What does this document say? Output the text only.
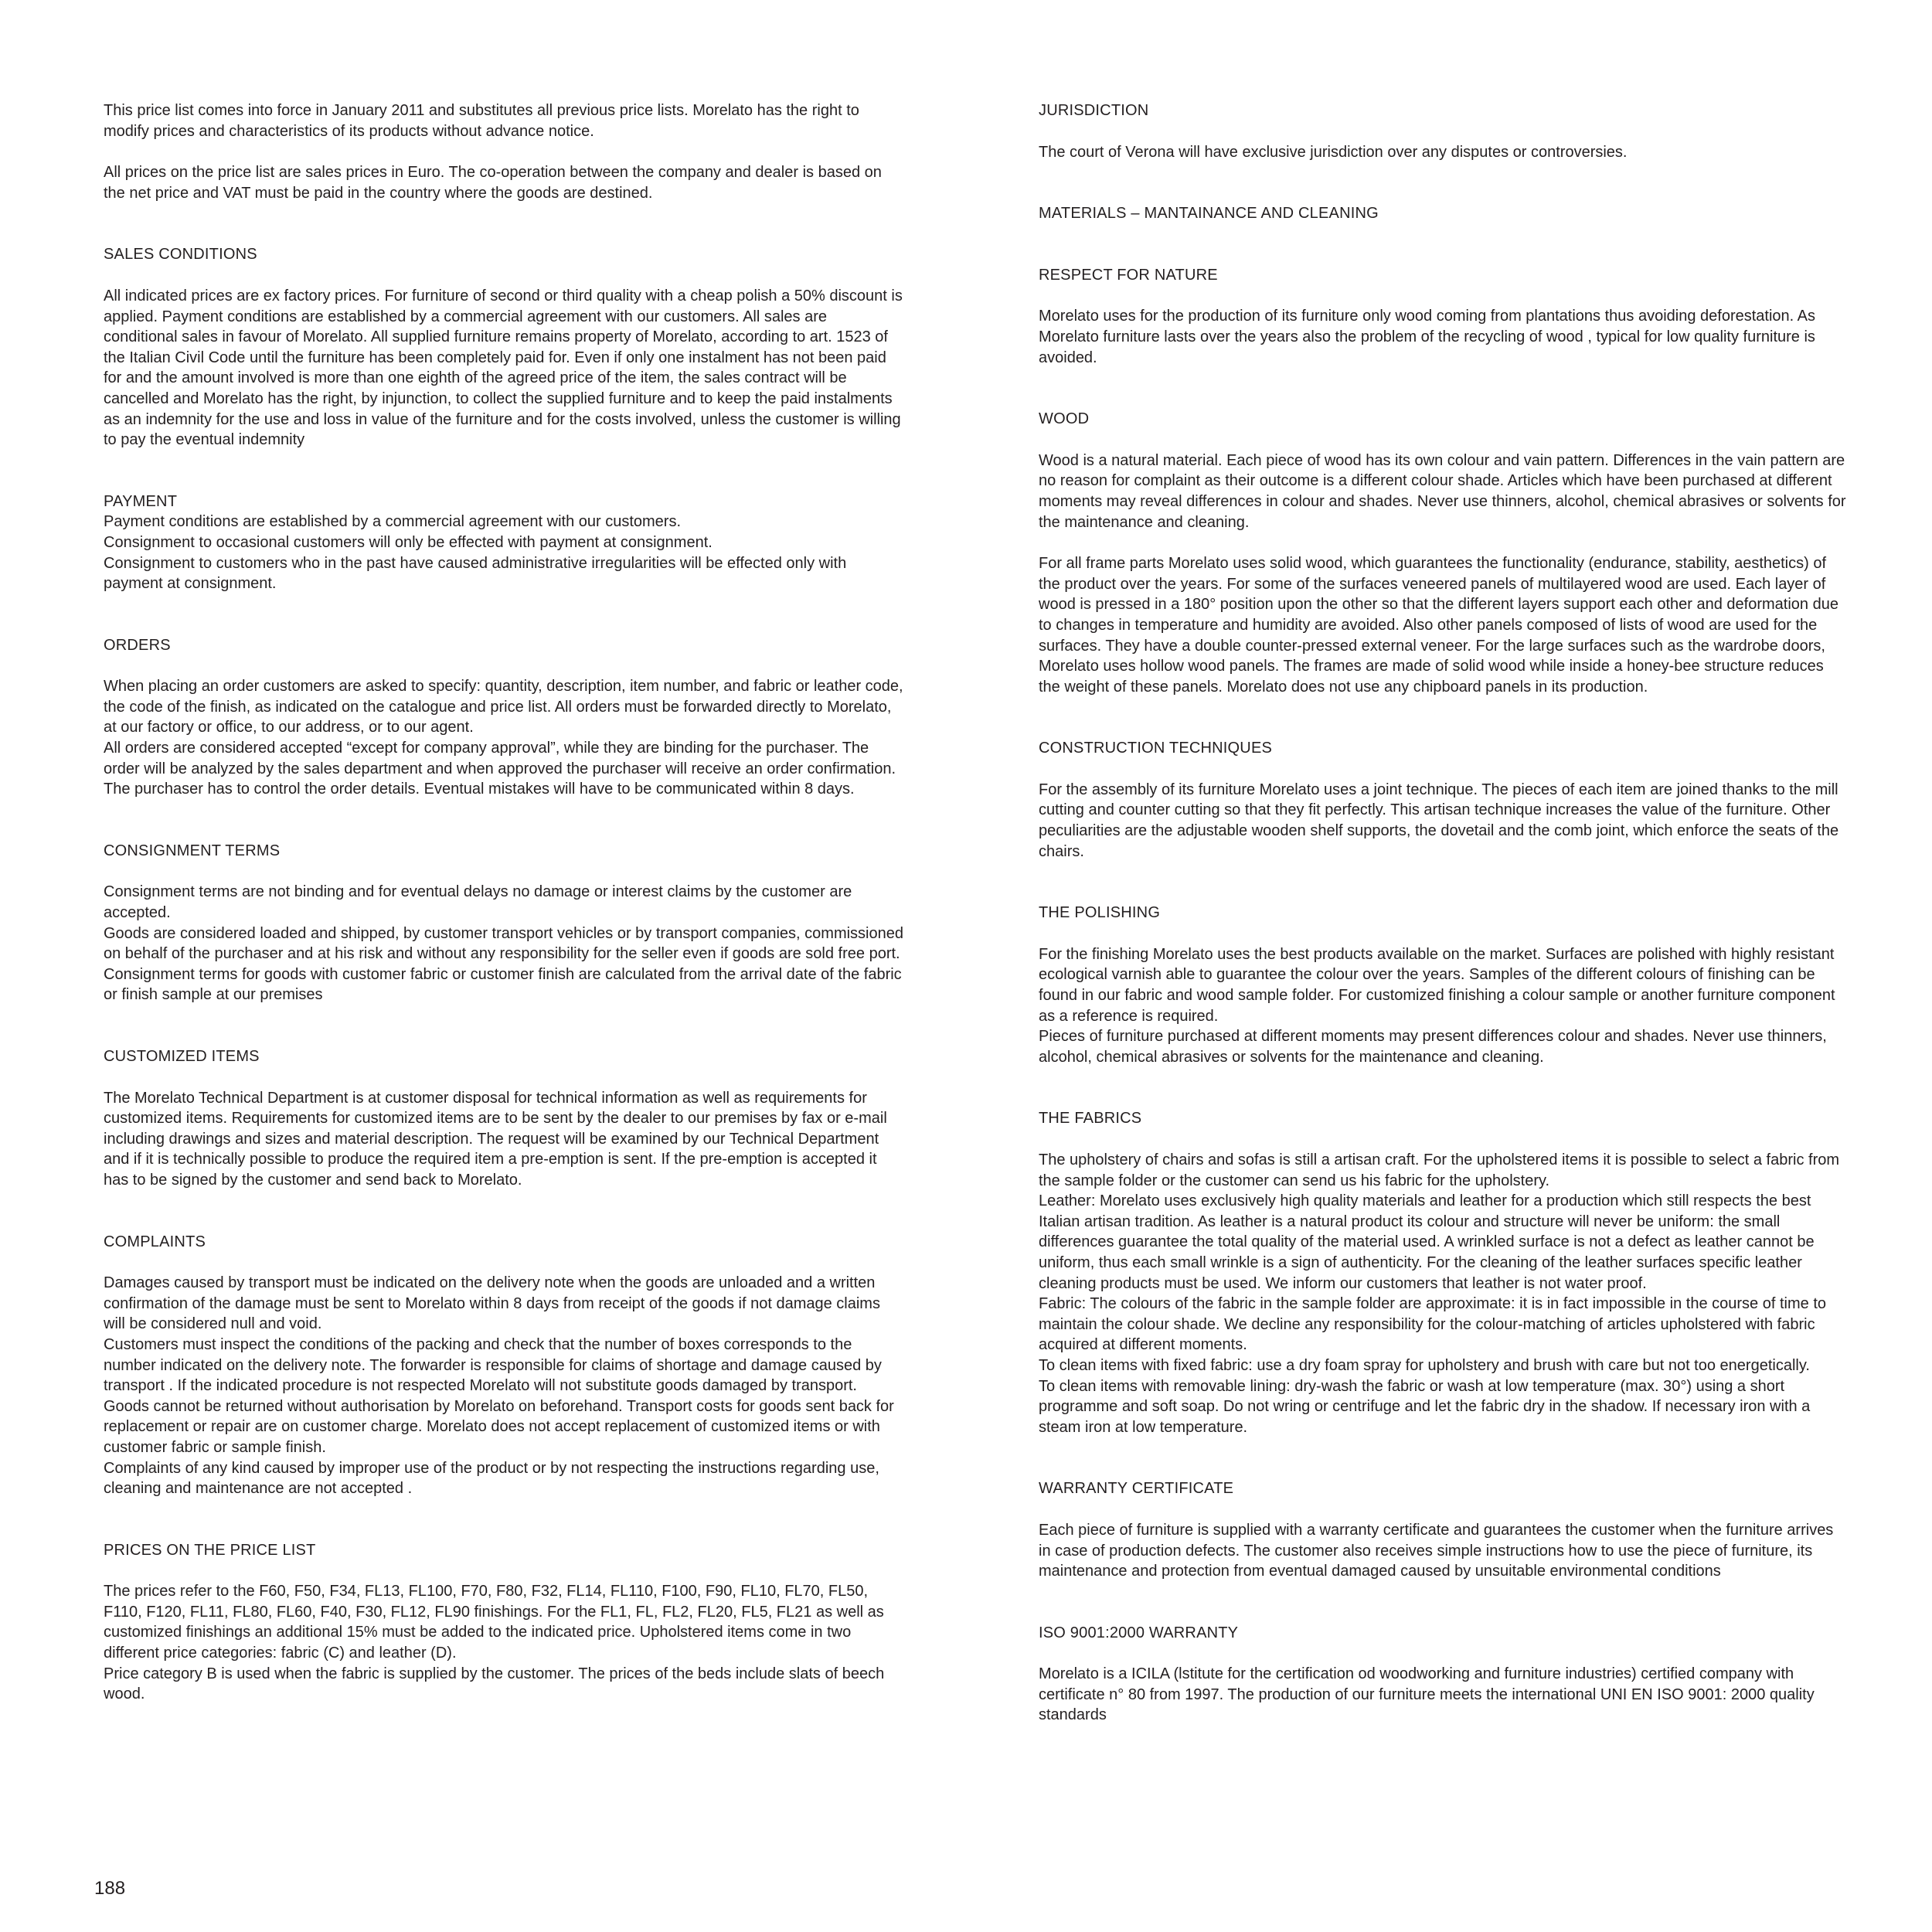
This price list comes into force in January 2011 and substitutes all previous price lists. Morelato has the right to modify prices and characteristics of its products without advance notice.

All prices on the price list are sales prices in Euro. The co-operation between the company and dealer is based on the net price and VAT must be paid in the country where the goods are destined.

SALES CONDITIONS

All indicated prices are ex factory prices. For furniture of second or third quality with a cheap polish a 50% discount is applied. Payment conditions are established by a commercial agreement with our customers. All sales are conditional sales in favour of Morelato. All supplied furniture remains property of Morelato, according to art. 1523 of the Italian Civil Code until the furniture has been completely paid for. Even if only one instalment has not been paid for and the amount involved is more than one eighth of the agreed price of the item, the sales contract will be cancelled and Morelato has the right, by injunction, to collect the supplied furniture and to keep the paid instalments as an indemnity for the use and loss in value of the furniture and for the costs involved, unless the customer is willing to pay the eventual indemnity

PAYMENT

Payment conditions are established by a commercial agreement with our customers.

Consignment to occasional customers will only be effected with payment at consignment.

Consignment to customers who in the past have caused administrative irregularities will be effected only with payment at consignment.

ORDERS

When placing an order customers are asked to specify: quantity, description, item number, and fabric or leather code, the code of the finish, as indicated on the catalogue and price list. All orders must be forwarded directly to Morelato, at our factory or office, to our address, or to our agent.

All orders are considered accepted “except for company approval”, while they are binding for the purchaser. The order will be analyzed by the sales department and when approved the purchaser will receive an order confirmation. The purchaser has to control the order details. Eventual mistakes will have to be communicated within 8 days.

CONSIGNMENT TERMS

Consignment terms are not binding and for eventual delays no damage or interest claims by the customer are accepted.

Goods are considered loaded and shipped, by customer transport vehicles or by transport companies, commissioned on behalf of the purchaser and at his risk and without any responsibility for the seller even if goods are sold free port.

Consignment terms for goods with customer fabric or customer finish are calculated from the arrival date of the fabric or finish sample at our premises

CUSTOMIZED ITEMS

The Morelato Technical Department is at customer disposal for technical information as well as requirements for customized items. Requirements for customized items are to be sent by the dealer to our premises by fax or e-mail including drawings and sizes and material description. The request will be examined by our Technical Department and if it is technically possible to produce the required item a pre-emption is sent. If the pre-emption is accepted it has to be signed by the customer and send back to Morelato.

COMPLAINTS

Damages caused by transport must be indicated on the delivery note when the goods are unloaded and a written confirmation of the damage must be sent to Morelato within 8 days from receipt of the goods if not damage claims will be considered null and void.

Customers must inspect the conditions of the packing and check that the number of boxes corresponds to the number indicated on the delivery note. The forwarder is responsible for claims of shortage and damage caused by transport . If the indicated procedure is not respected Morelato will not substitute goods damaged by transport.

Goods cannot be returned without authorisation by Morelato on beforehand. Transport costs for goods sent back for replacement or repair are on customer charge. Morelato does not accept replacement of customized items or with customer fabric or sample finish.

Complaints of any kind caused by improper use of the product or by not respecting the instructions regarding use, cleaning and maintenance are not accepted .

PRICES ON THE PRICE LIST

The prices refer to the F60, F50, F34, FL13, FL100, F70, F80, F32, FL14, FL110, F100, F90, FL10, FL70, FL50, F110, F120, FL11, FL80, FL60, F40, F30, FL12, FL90 finishings. For the FL1, FL, FL2, FL20, FL5, FL21 as well as customized finishings an additional 15% must be added to the indicated price. Upholstered items come in two different price categories: fabric (C) and leather (D).

Price category B is used when the fabric is supplied by the customer. The prices of the beds include slats of beech wood.

JURISDICTION

The court of Verona will have exclusive jurisdiction over any disputes or controversies.

MATERIALS – MANTAINANCE AND CLEANING
RESPECT FOR NATURE

Morelato uses for the production of its furniture only wood coming from plantations thus avoiding deforestation. As Morelato furniture lasts over the years also the problem of the recycling of wood , typical for low quality furniture is avoided.

WOOD

Wood is a natural material. Each piece of wood has its own colour and vain pattern. Differences in the vain pattern are no reason for complaint as their outcome is a different colour shade. Articles which have been purchased at different moments may reveal differences in colour and shades. Never use thinners, alcohol, chemical abrasives or solvents for the maintenance and cleaning.

For all frame parts Morelato uses solid wood, which guarantees the functionality (endurance, stability, aesthetics) of the product over the years. For some of the surfaces veneered panels of multilayered wood are used. Each layer of wood is pressed in a 180° position upon the other so that the different layers support each other and deformation due to changes in temperature and humidity are avoided. Also other panels composed of lists of wood are used for the surfaces. They have a double counter-pressed external veneer. For the large surfaces such as the wardrobe doors, Morelato uses hollow wood panels. The frames are made of solid wood while inside a honey-bee structure reduces the weight of these panels. Morelato does not use any chipboard panels in its production.

CONSTRUCTION TECHNIQUES

For the assembly of its furniture Morelato uses a joint technique. The pieces of each item are joined thanks to the mill cutting and counter cutting so that they fit perfectly. This artisan technique increases the value of the furniture. Other peculiarities are the adjustable wooden shelf supports, the dovetail and the comb joint, which enforce the seats of the chairs.

THE POLISHING

For the finishing Morelato uses the best products available on the market. Surfaces are polished with highly resistant ecological varnish able to guarantee the colour over the years. Samples of the different colours of finishing can be found in our fabric and wood sample folder. For customized finishing a colour sample or another furniture component as a reference is required.

Pieces of furniture purchased at different moments may present differences colour and shades. Never use thinners, alcohol, chemical abrasives or solvents for the maintenance and cleaning.

THE FABRICS

The upholstery of chairs and sofas is still a artisan craft. For the upholstered items it is possible to select a fabric from the sample folder or the customer can send us his fabric for the upholstery.

Leather: Morelato uses exclusively high quality materials and leather for a production which still respects the best Italian artisan tradition. As leather is a natural product its colour and structure will never be uniform: the small differences guarantee the total quality of the material used. A wrinkled surface is not a defect as leather cannot be uniform, thus each small wrinkle is a sign of authenticity. For the cleaning of the leather surfaces specific leather cleaning products must be used. We inform our customers that leather is not water proof.

Fabric: The colours of the fabric in the sample folder are approximate: it is in fact impossible in the course of time to maintain the colour shade. We decline any responsibility for the colour-matching of articles upholstered with fabric acquired at different moments.

To clean items with fixed fabric: use a dry foam spray for upholstery and brush with care but not too energetically.

To clean items with removable lining: dry-wash the fabric or wash at low temperature (max. 30°) using a short programme and soft soap. Do not wring or centrifuge and let the fabric dry in the shadow. If necessary iron with a steam iron at low temperature.

WARRANTY CERTIFICATE

Each piece of furniture is supplied with a warranty certificate and guarantees the customer when the furniture arrives in case of production defects. The customer also receives simple instructions how to use the piece of furniture, its maintenance and protection from eventual damaged caused by unsuitable environmental conditions

ISO 9001:2000 WARRANTY

Morelato is a ICILA (lstitute for the certification od woodworking and furniture industries) certified company with certificate n° 80 from 1997. The production of our furniture meets the international UNI EN ISO 9001: 2000 quality standards

188
